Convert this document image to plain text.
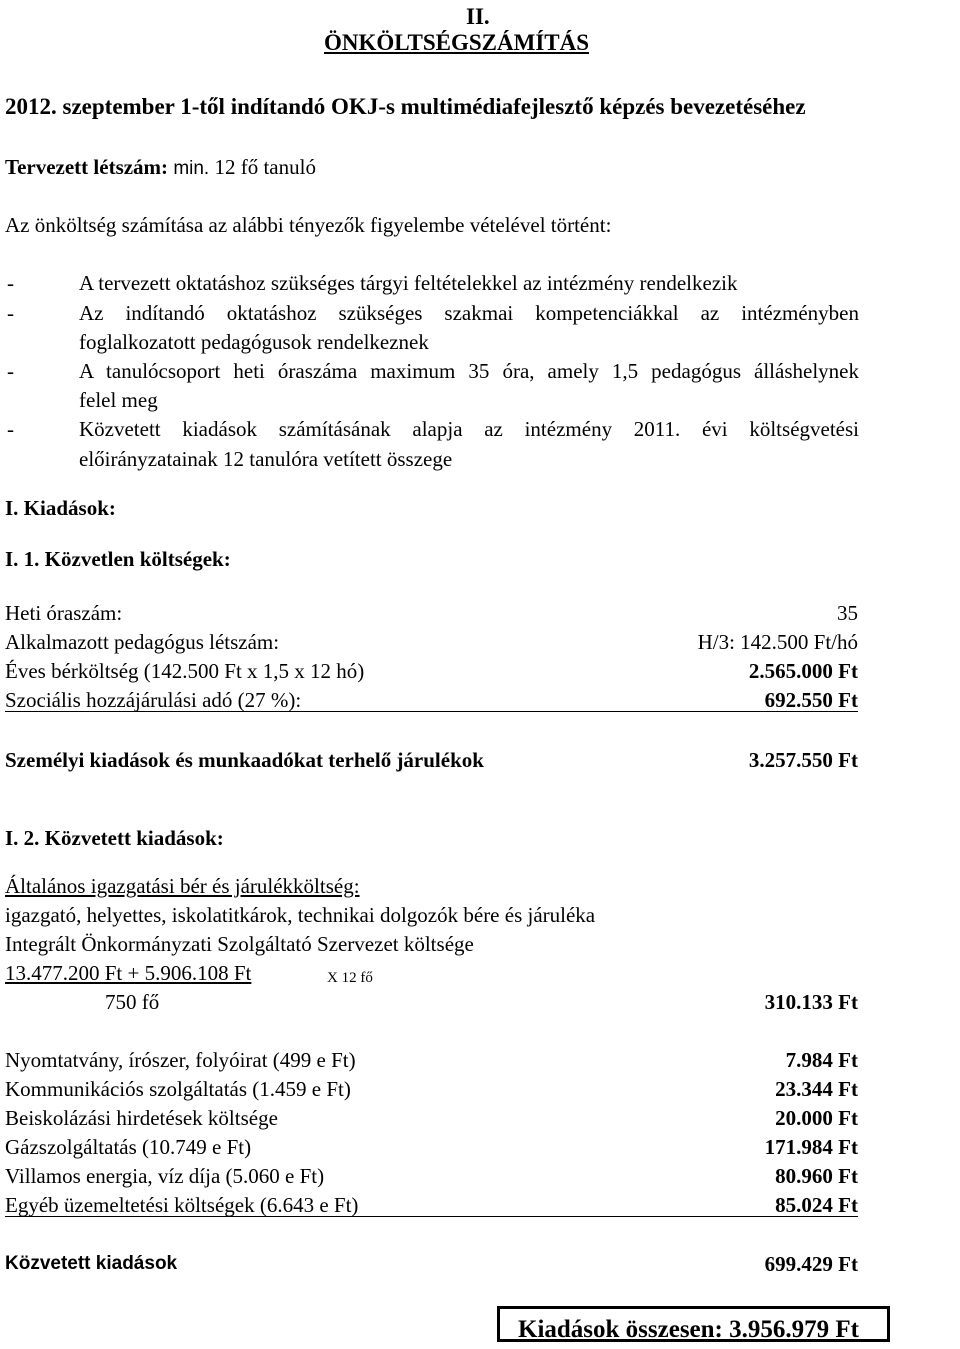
II.
ÖNKÖLTSÉGSZÁMÍTÁS
2012. szeptember 1-től indítandó OKJ-s multimédiafejlesztő képzés bevezetéséhez
Tervezett létszám: min. 12 fő tanuló
Az önköltség számítása az alábbi tényezők figyelembe vételével történt:
-	A tervezett oktatáshoz szükséges tárgyi feltételekkel az intézmény rendelkezik
-	Az indítandó oktatáshoz szükséges szakmai kompetenciákkal az intézményben
foglalkozatott pedagógusok rendelkeznek
-	A tanulócsoport heti óraszáma maximum 35 óra, amely 1,5 pedagógus álláshelynek
felel meg
-	Közvetett kiadások számításának alapja az intézmény 2011. évi költségvetési
előirányzatainak 12 tanulóra vetített összege
I. Kiadások:
I. 1. Közvetlen költségek:
Heti óraszám:	35
Alkalmazott pedagógus létszám:	H/3: 142.500 Ft/hó
Éves bérköltség (142.500 Ft x 1,5 x 12 hó)	2.565.000 Ft
Szociális hozzájárulási adó (27 %):	692.550 Ft
Személyi kiadások és munkaadókat terhelő járulékok	3.257.550 Ft
I. 2. Közvetett kiadások:
Általános igazgatási bér és járulékköltség:
igazgató, helyettes, iskolatitkárok, technikai dolgozók bére és járuléka
Integrált Önkormányzati Szolgáltató Szervezet költsége
13.477.200 Ft + 5.906.108 Ft	X 12 fő
750 fő	310.133 Ft
Nyomtatvány, írószer, folyóirat (499 e Ft)	7.984 Ft
Kommunikációs szolgáltatás (1.459 e Ft)	23.344 Ft
Beiskolázási hirdetések költsége	20.000 Ft
Gázszolgáltatás (10.749 e Ft)	171.984 Ft
Villamos energia, víz díja (5.060 e Ft)	80.960 Ft
Egyéb üzemeltetési költségek (6.643 e Ft)	85.024 Ft
Közvetett kiadások	699.429 Ft
Kiadások összesen: 3.956.979 Ft
